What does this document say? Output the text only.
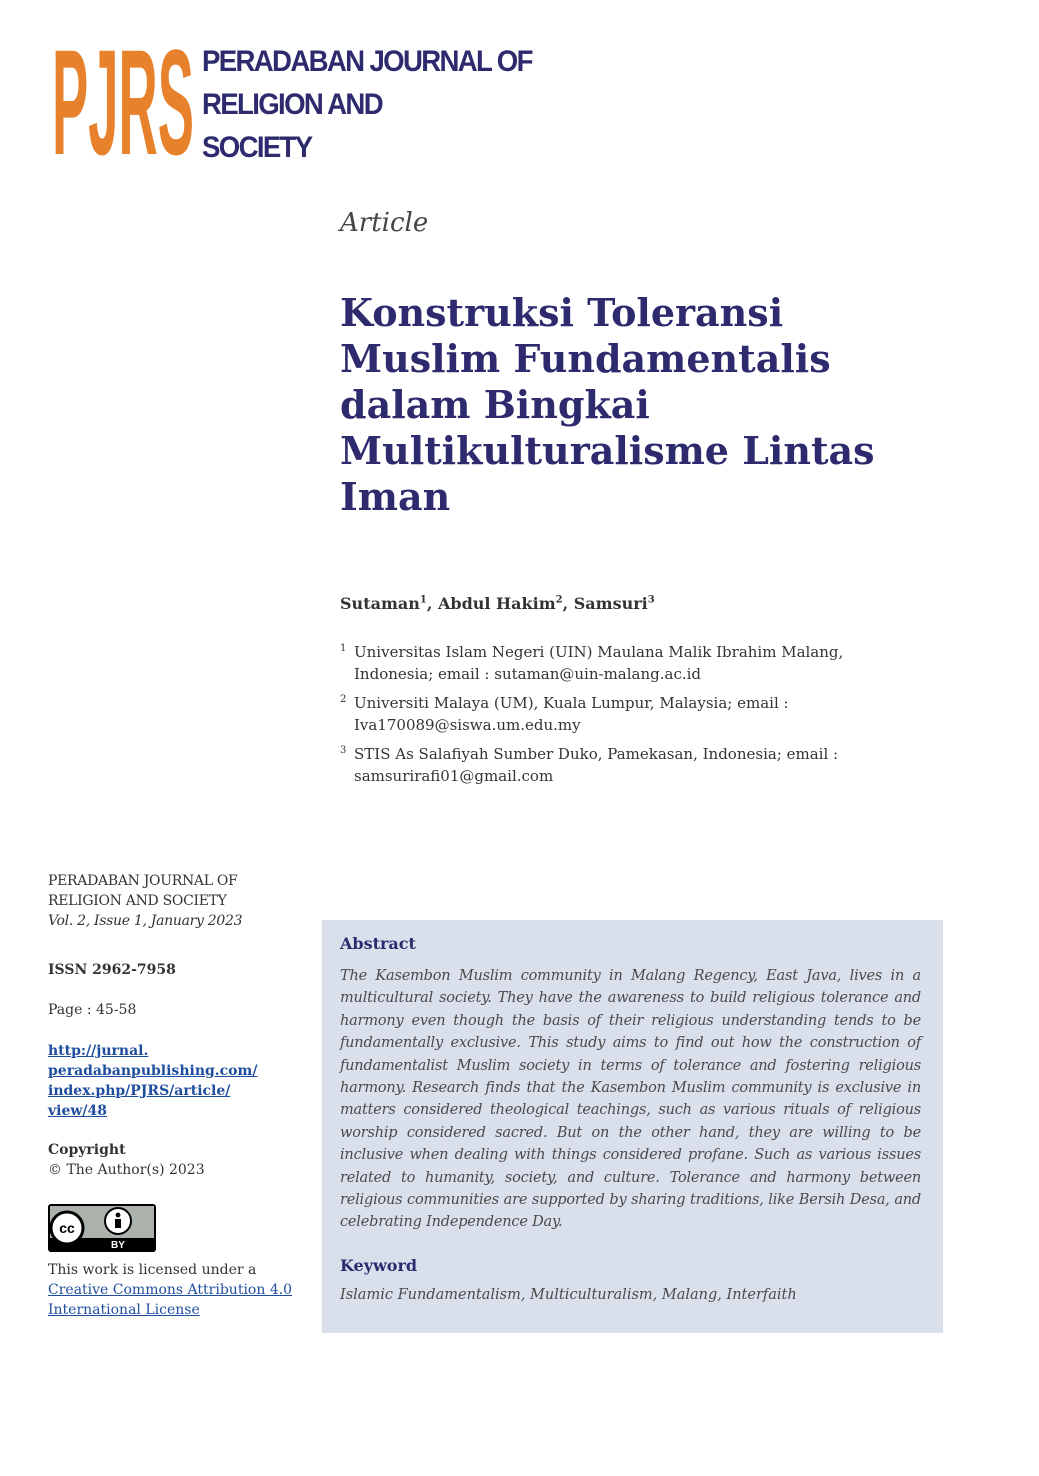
PJRS PERADABAN JOURNAL OF
RELIGION AND
SOCIETY
Article
Konstruksi Toleransi Muslim Fundamentalis dalam Bingkai Multikulturalisme Lintas Iman
Sutaman$^1$, Abdul Hakim$^2$, Samsuri$^3$
1 Universitas Islam Negeri (UIN) Maulana Malik Ibrahim Malang, Indonesia; email : sutaman@uin-malang.ac.id
2 Universiti Malaya (UM), Kuala Lumpur, Malaysia; email : Iva170089@siswa.um.edu.my
3 STIS As Salafiyah Sumber Duko, Pamekasan, Indonesia; email : samsurirafi01@gmail.com
PERADABAN JOURNAL OF RELIGION AND SOCIETY
Vol. 2, Issue 1, January 2023
ISSN 2962-7958
Page : 45-58
http://jurnal.
peradabanpublishing.com/
index.php/PJRS/article/
view/48
Copyright
© The Author(s) 2023
cc
BY
This work is licensed under a
Creative Commons Attribution 4.0 International License
Abstract

The Kasembon Muslim community in Malang Regency, East Java, lives in a multicultural society. They have the awareness to build religious tolerance and harmony even though the basis of their religious understanding tends to be fundamentally exclusive. This study aims to find out how the construction of fundamentalist Muslim society in terms of tolerance and fostering religious harmony. Research finds that the Kasembon Muslim community is exclusive in matters considered theological teachings, such as various rituals of religious worship considered sacred. But on the other hand, they are willing to be inclusive when dealing with things considered profane. Such as various issues related to humanity, society, and culture. Tolerance and harmony between religious communities are supported by sharing traditions, like Bersih Desa, and celebrating Independence Day.

Keyword

Islamic Fundamentalism, Multiculturalism, Malang, Interfaith
